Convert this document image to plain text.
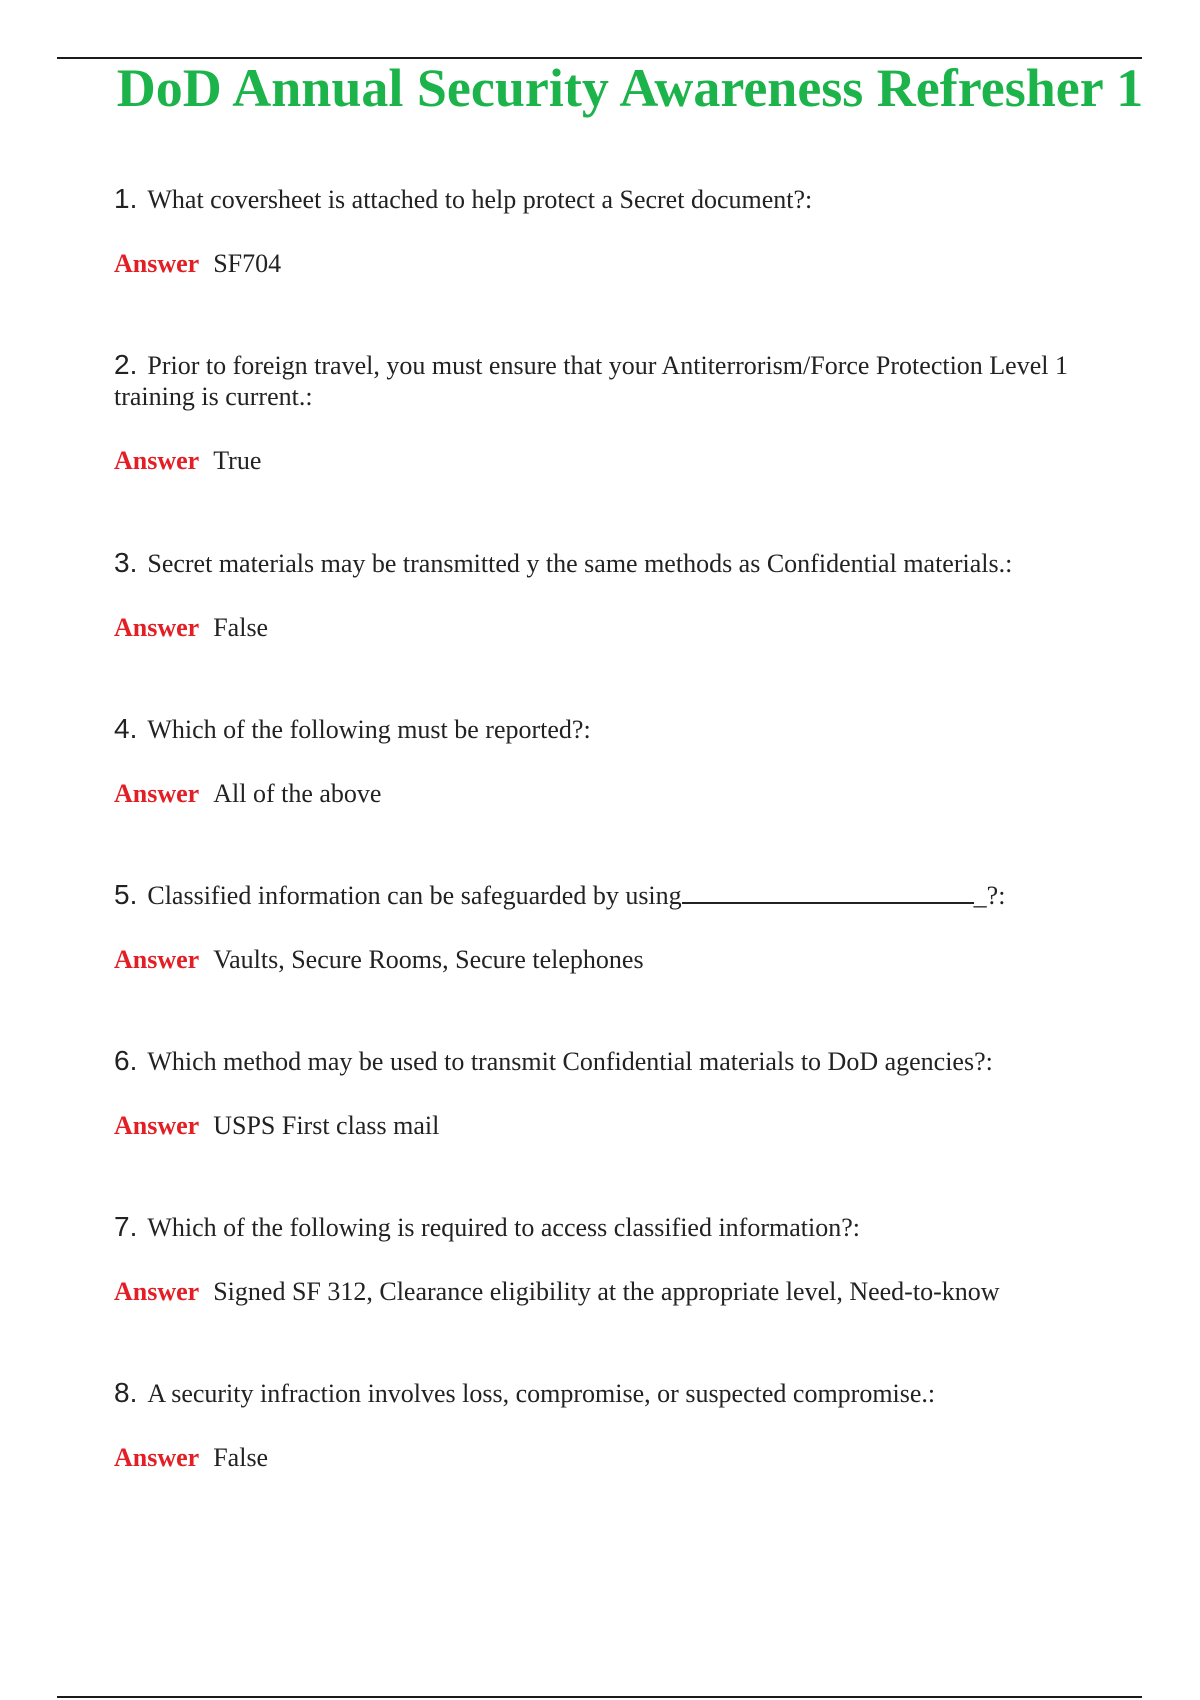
DoD Annual Security Awareness Refresher 1

1. What coversheet is attached to help protect a Secret document?:

Answer SF704

2. Prior to foreign travel, you must ensure that your Antiterrorism/Force Protection Level 1 training is current.:

Answer True

3. Secret materials may be transmitted y the same methods as Confidential materials.:

Answer False

4. Which of the following must be reported?:

Answer All of the above

5. Classified information can be safeguarded by using	_?:

Answer Vaults, Secure Rooms, Secure telephones

6. Which method may be used to transmit Confidential materials to DoD agencies?:

Answer USPS First class mail

7. Which of the following is required to access classified information?:

Answer Signed SF 312, Clearance eligibility at the appropriate level, Need-to-know

8. A security infraction involves loss, compromise, or suspected compromise.:

Answer False
